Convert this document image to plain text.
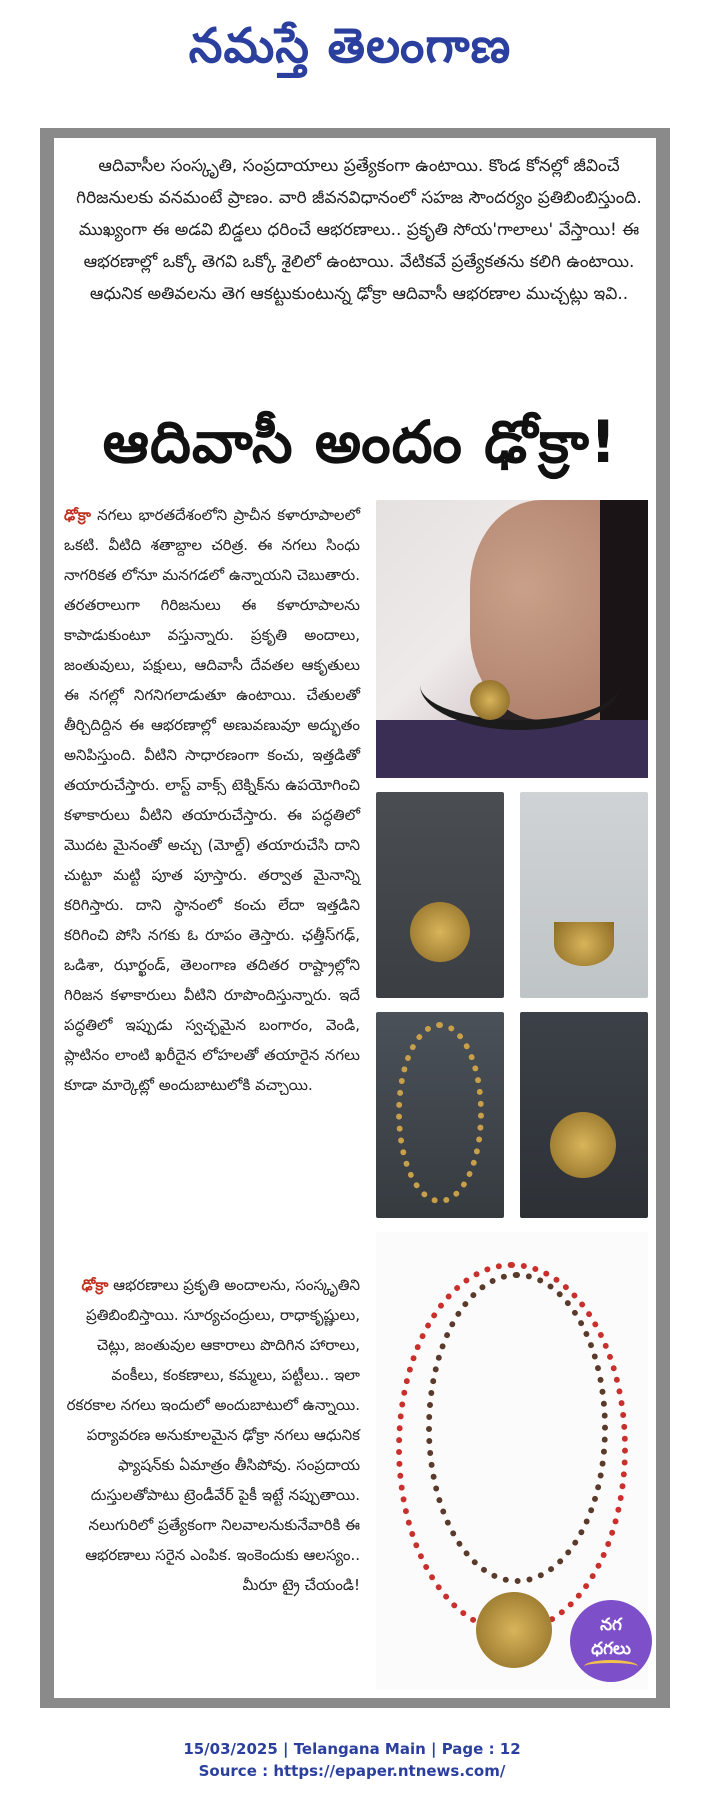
నమస్తే తెలంగాణ
ఆదివాసీల సంస్కృతి, సంప్రదాయాలు ప్రత్యేకంగా ఉంటాయి. కొండ కోనల్లో జీవించే గిరిజనులకు వనమంటే ప్రాణం. వారి జీవనవిధానంలో సహజ సౌందర్యం ప్రతిబింబిస్తుంది. ముఖ్యంగా ఈ అడవి బిడ్డలు ధరించే ఆభరణాలు.. ప్రకృతి సోయ'గాలాలు' వేస్తాయి! ఈ ఆభరణాల్లో ఒక్కో తెగవి ఒక్కో శైలిలో ఉంటాయి. వేటికవే ప్రత్యేకతను కలిగి ఉంటాయి. ఆధునిక అతివలను తెగ ఆకట్టుకుంటున్న ఢోక్రా ఆదివాసీ ఆభరణాల ముచ్చట్లు ఇవి..
ఆదివాసీ అందం ఢోక్రా!
ఢోక్రా నగలు భారతదేశంలోని ప్రాచీన కళారూపాలలో ఒకటి. వీటిది శతాబ్దాల చరిత్ర. ఈ నగలు సింధు నాగరికత లోనూ మనగడలో ఉన్నాయని చెబుతారు. తరతరాలుగా గిరిజనులు ఈ కళారూపాలను కాపాడుకుంటూ వస్తున్నారు. ప్రకృతి అందాలు, జంతువులు, పక్షులు, ఆదివాసీ దేవతల ఆకృతులు ఈ నగల్లో నిగనిగలాడుతూ ఉంటాయి. చేతులతో తీర్చిదిద్దిన ఈ ఆభరణాల్లో అణువణువూ అద్భుతం అనిపిస్తుంది. వీటిని సాధారణంగా కంచు, ఇత్తడితో తయారుచేస్తారు. లాస్ట్ వాక్స్ టెక్నిక్‌ను ఉపయోగించి కళాకారులు వీటిని తయారుచేస్తారు. ఈ పద్ధతిలో మొదట మైనంతో అచ్చు (మోల్డ్) తయారుచేసి దాని చుట్టూ మట్టి పూత పూస్తారు. తర్వాత మైనాన్ని కరిగిస్తారు. దాని స్థానంలో కంచు లేదా ఇత్తడిని కరిగించి పోసి నగకు ఓ రూపం తెస్తారు. ఛత్తీస్‌గఢ్, ఒడిశా, ఝార్ఖండ్, తెలంగాణ తదితర రాష్ట్రాల్లోని గిరిజన కళాకారులు వీటిని రూపొందిస్తున్నారు. ఇదే పద్ధతిలో ఇప్పుడు స్వచ్ఛమైన బంగారం, వెండి, ప్లాటినం లాంటి ఖరీదైన లోహలతో తయారైన నగలు కూడా మార్కెట్లో అందుబాటులోకి వచ్చాయి.
ఢోక్రా ఆభరణాలు ప్రకృతి అందాలను, సంస్కృతిని ప్రతిబింబిస్తాయి. సూర్యచంద్రులు, రాధాకృష్ణులు, చెట్లు, జంతువుల ఆకారాలు పొదిగిన హారాలు, వంకీలు, కంకణాలు, కమ్మలు, పట్టీలు.. ఇలా రకరకాల నగలు ఇందులో అందుబాటులో ఉన్నాయి. పర్యావరణ అనుకూలమైన ఢోక్రా నగలు ఆధునిక ఫ్యాషన్‌కు ఏమాత్రం తీసిపోవు. సంప్రదాయ దుస్తులతోపాటు ట్రెండీవేర్ పైకీ ఇట్టే నప్పుతాయి. నలుగురిలో ప్రత్యేకంగా నిలవాలనుకునేవారికి ఈ ఆభరణాలు సరైన ఎంపిక. ఇంకెందుకు ఆలస్యం.. మీరూ ట్రై చేయండి!
నగ
ధగలు
15/03/2025 | Telangana Main | Page : 12
Source : https://epaper.ntnews.com/
